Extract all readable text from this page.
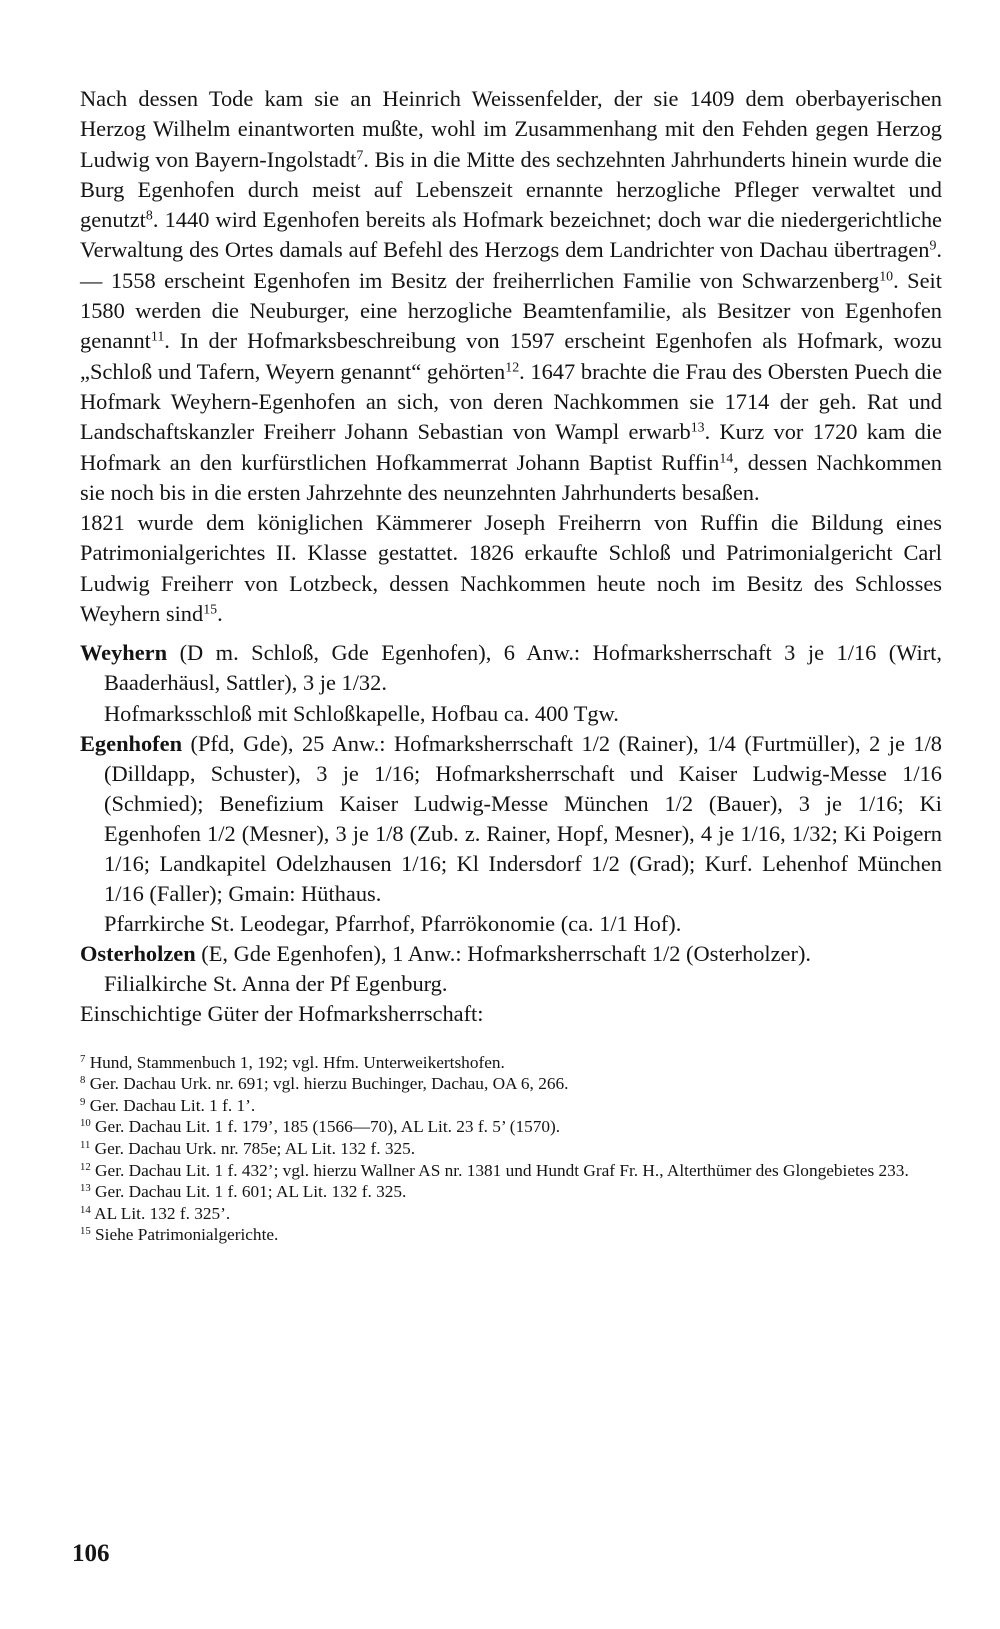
Nach dessen Tode kam sie an Heinrich Weissenfelder, der sie 1409 dem oberbayerischen Herzog Wilhelm einantworten mußte, wohl im Zusammenhang mit den Fehden gegen Herzog Ludwig von Bayern-Ingolstadt$^7$. Bis in die Mitte des sechzehnten Jahrhunderts hinein wurde die Burg Egenhofen durch meist auf Lebenszeit ernannte herzogliche Pfleger verwaltet und genutzt$^8$. 1440 wird Egenhofen bereits als Hofmark bezeichnet; doch war die niedergerichtliche Verwaltung des Ortes damals auf Befehl des Herzogs dem Landrichter von Dachau übertragen$^9$. — 1558 erscheint Egenhofen im Besitz der freiherrlichen Familie von Schwarzenberg$^{10}$. Seit 1580 werden die Neuburger, eine herzogliche Beamtenfamilie, als Besitzer von Egenhofen genannt$^{11}$. In der Hofmarksbeschreibung von 1597 erscheint Egenhofen als Hofmark, wozu „Schloß und Tafern, Weyern genannt“ gehörten$^{12}$. 1647 brachte die Frau des Obersten Puech die Hofmark Weyhern-Egenhofen an sich, von deren Nachkommen sie 1714 der geh. Rat und Landschaftskanzler Freiherr Johann Sebastian von Wampl erwarb$^{13}$. Kurz vor 1720 kam die Hofmark an den kurfürstlichen Hofkammerrat Johann Baptist Ruffin$^{14}$, dessen Nachkommen sie noch bis in die ersten Jahrzehnte des neunzehnten Jahrhunderts besaßen.
1821 wurde dem königlichen Kämmerer Joseph Freiherrn von Ruffin die Bildung eines Patrimonialgerichtes II. Klasse gestattet. 1826 erkaufte Schloß und Patrimonialgericht Carl Ludwig Freiherr von Lotzbeck, dessen Nachkommen heute noch im Besitz des Schlosses Weyhern sind$^{15}$.

Weyhern (D m. Schloß, Gde Egenhofen), 6 Anw.: Hofmarksherrschaft 3 je 1/16 (Wirt, Baaderhäusl, Sattler), 3 je 1/32.
Hofmarksschloß mit Schloßkapelle, Hofbau ca. 400 Tgw.

Egenhofen (Pfd, Gde), 25 Anw.: Hofmarksherrschaft 1/2 (Rainer), 1/4 (Furtmüller), 2 je 1/8 (Dilldapp, Schuster), 3 je 1/16; Hofmarksherrschaft und Kaiser Ludwig-Messe 1/16 (Schmied); Benefizium Kaiser Ludwig-Messe München 1/2 (Bauer), 3 je 1/16; Ki Egenhofen 1/2 (Mesner), 3 je 1/8 (Zub. z. Rainer, Hopf, Mesner), 4 je 1/16, 1/32; Ki Poigern 1/16; Landkapitel Odelzhausen 1/16; Kl Indersdorf 1/2 (Grad); Kurf. Lehenhof München 1/16 (Faller); Gmain: Hüthaus.
Pfarrkirche St. Leodegar, Pfarrhof, Pfarrökonomie (ca. 1/1 Hof).

Osterholzen (E, Gde Egenhofen), 1 Anw.: Hofmarksherrschaft 1/2 (Osterholzer).
Filialkirche St. Anna der Pf Egenburg.

Einschichtige Güter der Hofmarksherrschaft:

$^7$ Hund, Stammenbuch 1, 192; vgl. Hfm. Unterweikertshofen.

$^8$ Ger. Dachau Urk. nr. 691; vgl. hierzu Buchinger, Dachau, OA 6, 266.

$^9$ Ger. Dachau Lit. 1 f. 1’.

$^{10}$ Ger. Dachau Lit. 1 f. 179’, 185 (1566—70), AL Lit. 23 f. 5’ (1570).

$^{11}$ Ger. Dachau Urk. nr. 785e; AL Lit. 132 f. 325.

$^{12}$ Ger. Dachau Lit. 1 f. 432’; vgl. hierzu Wallner AS nr. 1381 und Hundt Graf Fr. H., Alterthümer des Glongebietes 233.

$^{13}$ Ger. Dachau Lit. 1 f. 601; AL Lit. 132 f. 325.

$^{14}$ AL Lit. 132 f. 325’.

$^{15}$ Siehe Patrimonialgerichte.

106
